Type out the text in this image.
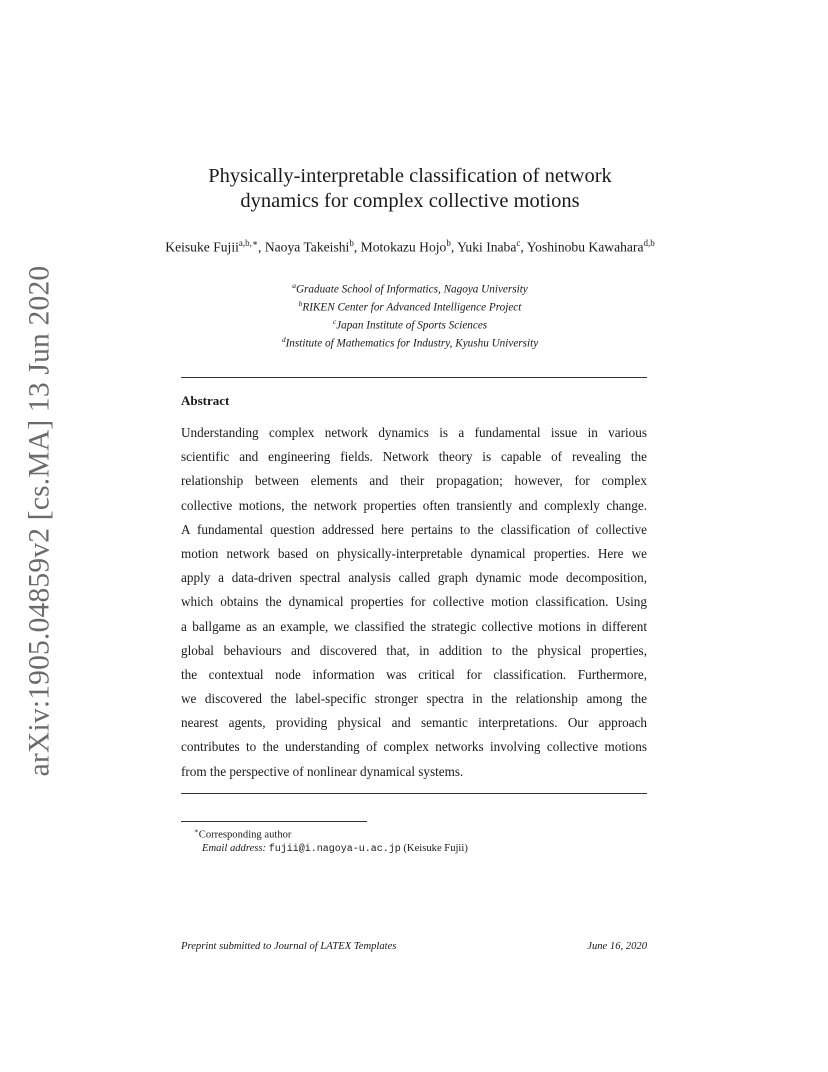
arXiv:1905.04859v2 [cs.MA] 13 Jun 2020
Physically-interpretable classification of network
dynamics for complex collective motions
Keisuke Fujii$^{a,b,∗}$, Naoya Takeishi$^b$, Motokazu Hojo$^b$, Yuki Inaba$^c$, Yoshinobu Kawahara$^{d,b}$
$^a$Graduate School of Informatics, Nagoya University
$^b$RIKEN Center for Advanced Intelligence Project
$^c$Japan Institute of Sports Sciences
$^d$Institute of Mathematics for Industry, Kyushu University
Abstract
Understanding complex network dynamics is a fundamental issue in various
scientific and engineering fields. Network theory is capable of revealing the
relationship between elements and their propagation; however, for complex
collective motions, the network properties often transiently and complexly change.
A fundamental question addressed here pertains to the classification of collective
motion network based on physically-interpretable dynamical properties. Here we
apply a data-driven spectral analysis called graph dynamic mode decomposition,
which obtains the dynamical properties for collective motion classification. Using
a ballgame as an example, we classified the strategic collective motions in different
global behaviours and discovered that, in addition to the physical properties,
the contextual node information was critical for classification. Furthermore,
we discovered the label-specific stronger spectra in the relationship among the
nearest agents, providing physical and semantic interpretations. Our approach
contributes to the understanding of complex networks involving collective motions
from the perspective of nonlinear dynamical systems.
∗Corresponding author
Email address: fujii@i.nagoya-u.ac.jp (Keisuke Fujii)
Preprint submitted to Journal of LATEX Templates	June 16, 2020
